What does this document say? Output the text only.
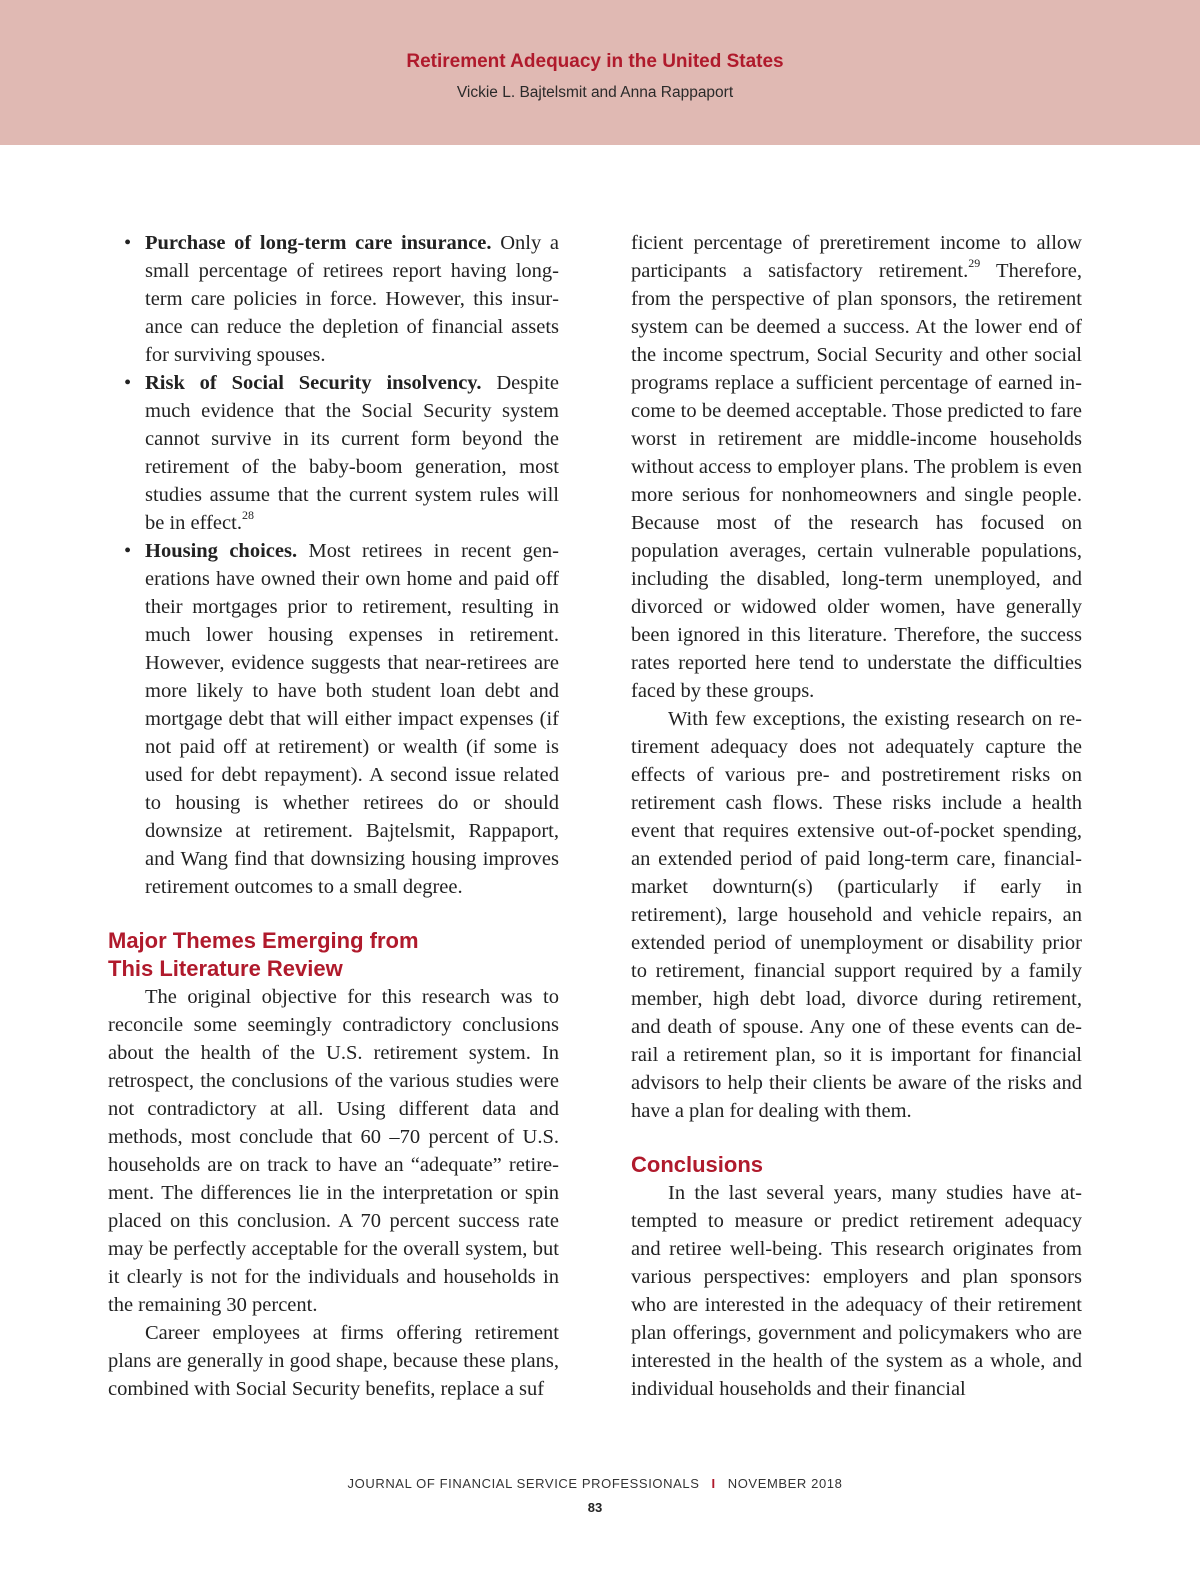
Retirement Adequacy in the United States
Vickie L. Bajtelsmit and Anna Rappaport
• Purchase of long-term care insurance. Only a small percentage of retirees report having long-term care policies in force. However, this insurance can reduce the depletion of financial assets for surviving spouses.
• Risk of Social Security insolvency. Despite much evidence that the Social Security system cannot survive in its current form beyond the retirement of the baby-boom generation, most studies assume that the current system rules will be in effect.$^{28}$
• Housing choices. Most retirees in recent generations have owned their own home and paid off their mortgages prior to retirement, resulting in much lower housing expenses in retirement. However, evidence suggests that near-retirees are more likely to have both student loan debt and mortgage debt that will either impact expenses (if not paid off at retirement) or wealth (if some is used for debt repayment). A second issue related to housing is whether retirees do or should downsize at retirement. Bajtelsmit, Rappaport, and Wang find that downsizing housing improves retirement outcomes to a small degree.
Major Themes Emerging from
This Literature Review

The original objective for this research was to reconcile some seemingly contradictory conclusions about the health of the U.S. retirement system. In retrospect, the conclusions of the various studies were not contradictory at all. Using different data and methods, most conclude that 60 –70 percent of U.S. households are on track to have an “adequate” retirement. The differences lie in the interpretation or spin placed on this conclusion. A 70 percent success rate may be perfectly acceptable for the overall system, but it clearly is not for the individuals and households in the remaining 30 percent.

Career employees at firms offering retirement plans are generally in good shape, because these plans, combined with Social Security benefits, replace a suf

ficient percentage of preretirement income to allow participants a satisfactory retirement.$^{29}$ Therefore, from the perspective of plan sponsors, the retirement system can be deemed a success. At the lower end of the income spectrum, Social Security and other social programs replace a sufficient percentage of earned income to be deemed acceptable. Those predicted to fare worst in retirement are middle-income households without access to employer plans. The problem is even more serious for nonhomeowners and single people. Because most of the research has focused on population averages, certain vulnerable populations, including the disabled, long-term unemployed, and divorced or widowed older women, have generally been ignored in this literature. Therefore, the success rates reported here tend to understate the difficulties faced by these groups.

With few exceptions, the existing research on retirement adequacy does not adequately capture the effects of various pre- and postretirement risks on retirement cash flows. These risks include a health event that requires extensive out-of-pocket spending, an extended period of paid long-term care, financial-market downturn(s) (particularly if early in retirement), large household and vehicle repairs, an extended period of unemployment or disability prior to retirement, financial support required by a family member, high debt load, divorce during retirement, and death of spouse. Any one of these events can derail a retirement plan, so it is important for financial advisors to help their clients be aware of the risks and have a plan for dealing with them.

Conclusions

In the last several years, many studies have attempted to measure or predict retirement adequacy and retiree well-being. This research originates from various perspectives: employers and plan sponsors who are interested in the adequacy of their retirement plan offerings, government and policymakers who are interested in the health of the system as a whole, and individual households and their financial

JOURNAL OF FINANCIAL SERVICE PROFESSIONALS I NOVEMBER 2018
83
